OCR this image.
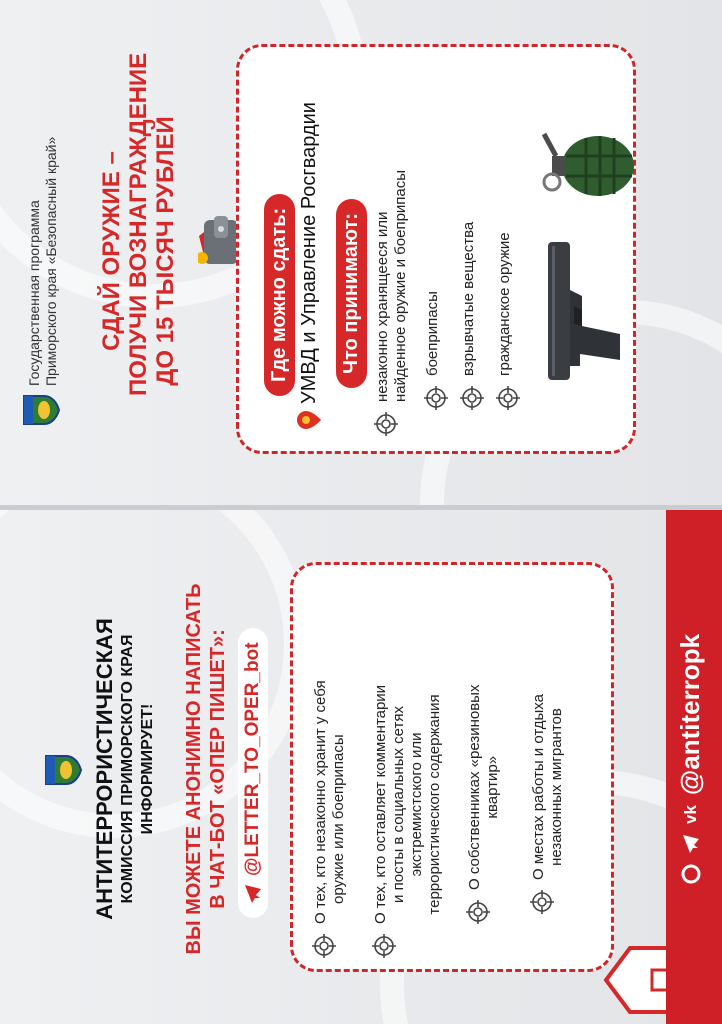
Государственная программа Приморского края «Безопасный край» СДАЙ ОРУЖИЕ – ПОЛУЧИ ВОЗНАГРАЖДЕНИЕ ДО 15 ТЫСЯЧ РУБЛЕЙ	Где можно сдать: УМВД и Управление Росгвардии Что принимают: незаконно хранящееся или найденное оружие и боеприпасы боеприпасы взрывчатые вещества гражданское оружие
АНТИТЕРРОРИСТИЧЕСКАЯ КОМИССИЯ ПРИМОРСКОГО КРАЯ ИНФОРМИРУЕТ! ВЫ МОЖЕТЕ АНОНИМНО НАПИСАТЬ В ЧАТ-БОТ «ОПЕР ПИШЕТ»: @LETTER_TO_OPER_bot	О тех, кто незаконно хранит у себя оружие или боеприпасы О тех, кто оставляет комментарии и посты в социальных сетях экстремистского или террористического содержания О собственниках «резиновых квартир» О местах работы и отдыха незаконных мигрантов	vk
@antiterropk
